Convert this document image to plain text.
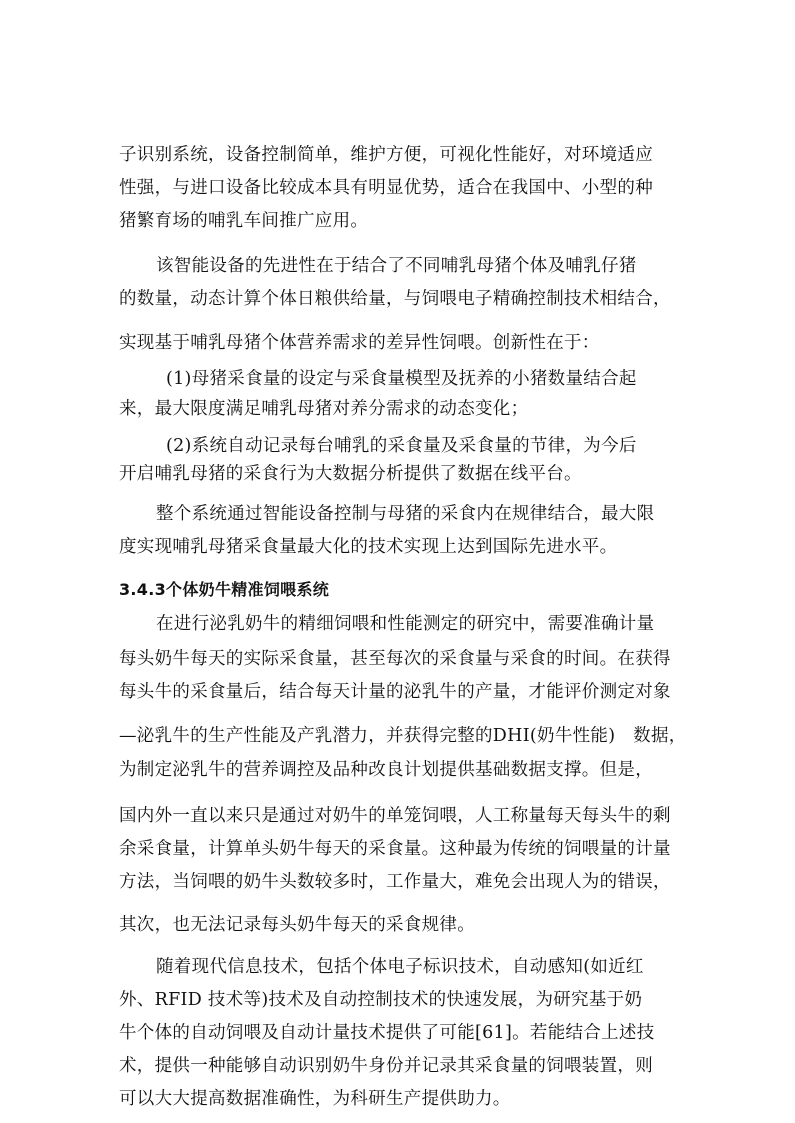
子识别系统，设备控制简单，维护方便，可视化性能好，对环境适应
性强，与进口设备比较成本具有明显优势，适合在我国中、小型的种
猪繁育场的哺乳车间推广应用。
该智能设备的先进性在于结合了不同哺乳母猪个体及哺乳仔猪
的数量，动态计算个体日粮供给量，与饲喂电子精确控制技术相结合，
实现基于哺乳母猪个体营养需求的差异性饲喂。创新性在于：
(1)母猪采食量的设定与采食量模型及抚养的小猪数量结合起
来，最大限度满足哺乳母猪对养分需求的动态变化；
(2)系统自动记录每台哺乳的采食量及采食量的节律，为今后
开启哺乳母猪的采食行为大数据分析提供了数据在线平台。
整个系统通过智能设备控制与母猪的采食内在规律结合，最大限
度实现哺乳母猪采食量最大化的技术实现上达到国际先进水平。
3.4.3个体奶牛精准饲喂系统
在进行泌乳奶牛的精细饲喂和性能测定的研究中，需要准确计量
每头奶牛每天的实际采食量，甚至每次的采食量与采食的时间。在获得
每头牛的采食量后，结合每天计量的泌乳牛的产量，才能评价测定对象
—泌乳牛的生产性能及产乳潜力，并获得完整的DHI(奶牛性能)　数据，
为制定泌乳牛的营养调控及品种改良计划提供基础数据支撑。但是，
国内外一直以来只是通过对奶牛的单笼饲喂，人工称量每天每头牛的剩
余采食量，计算单头奶牛每天的采食量。这种最为传统的饲喂量的计量
方法，当饲喂的奶牛头数较多时，工作量大，难免会出现人为的错误，
其次，也无法记录每头奶牛每天的采食规律。
随着现代信息技术，包括个体电子标识技术，自动感知(如近红
外、RFID 技术等)技术及自动控制技术的快速发展，为研究基于奶
牛个体的自动饲喂及自动计量技术提供了可能[61]。若能结合上述技
术，提供一种能够自动识别奶牛身份并记录其采食量的饲喂装置，则
可以大大提高数据准确性，为科研生产提供助力。
